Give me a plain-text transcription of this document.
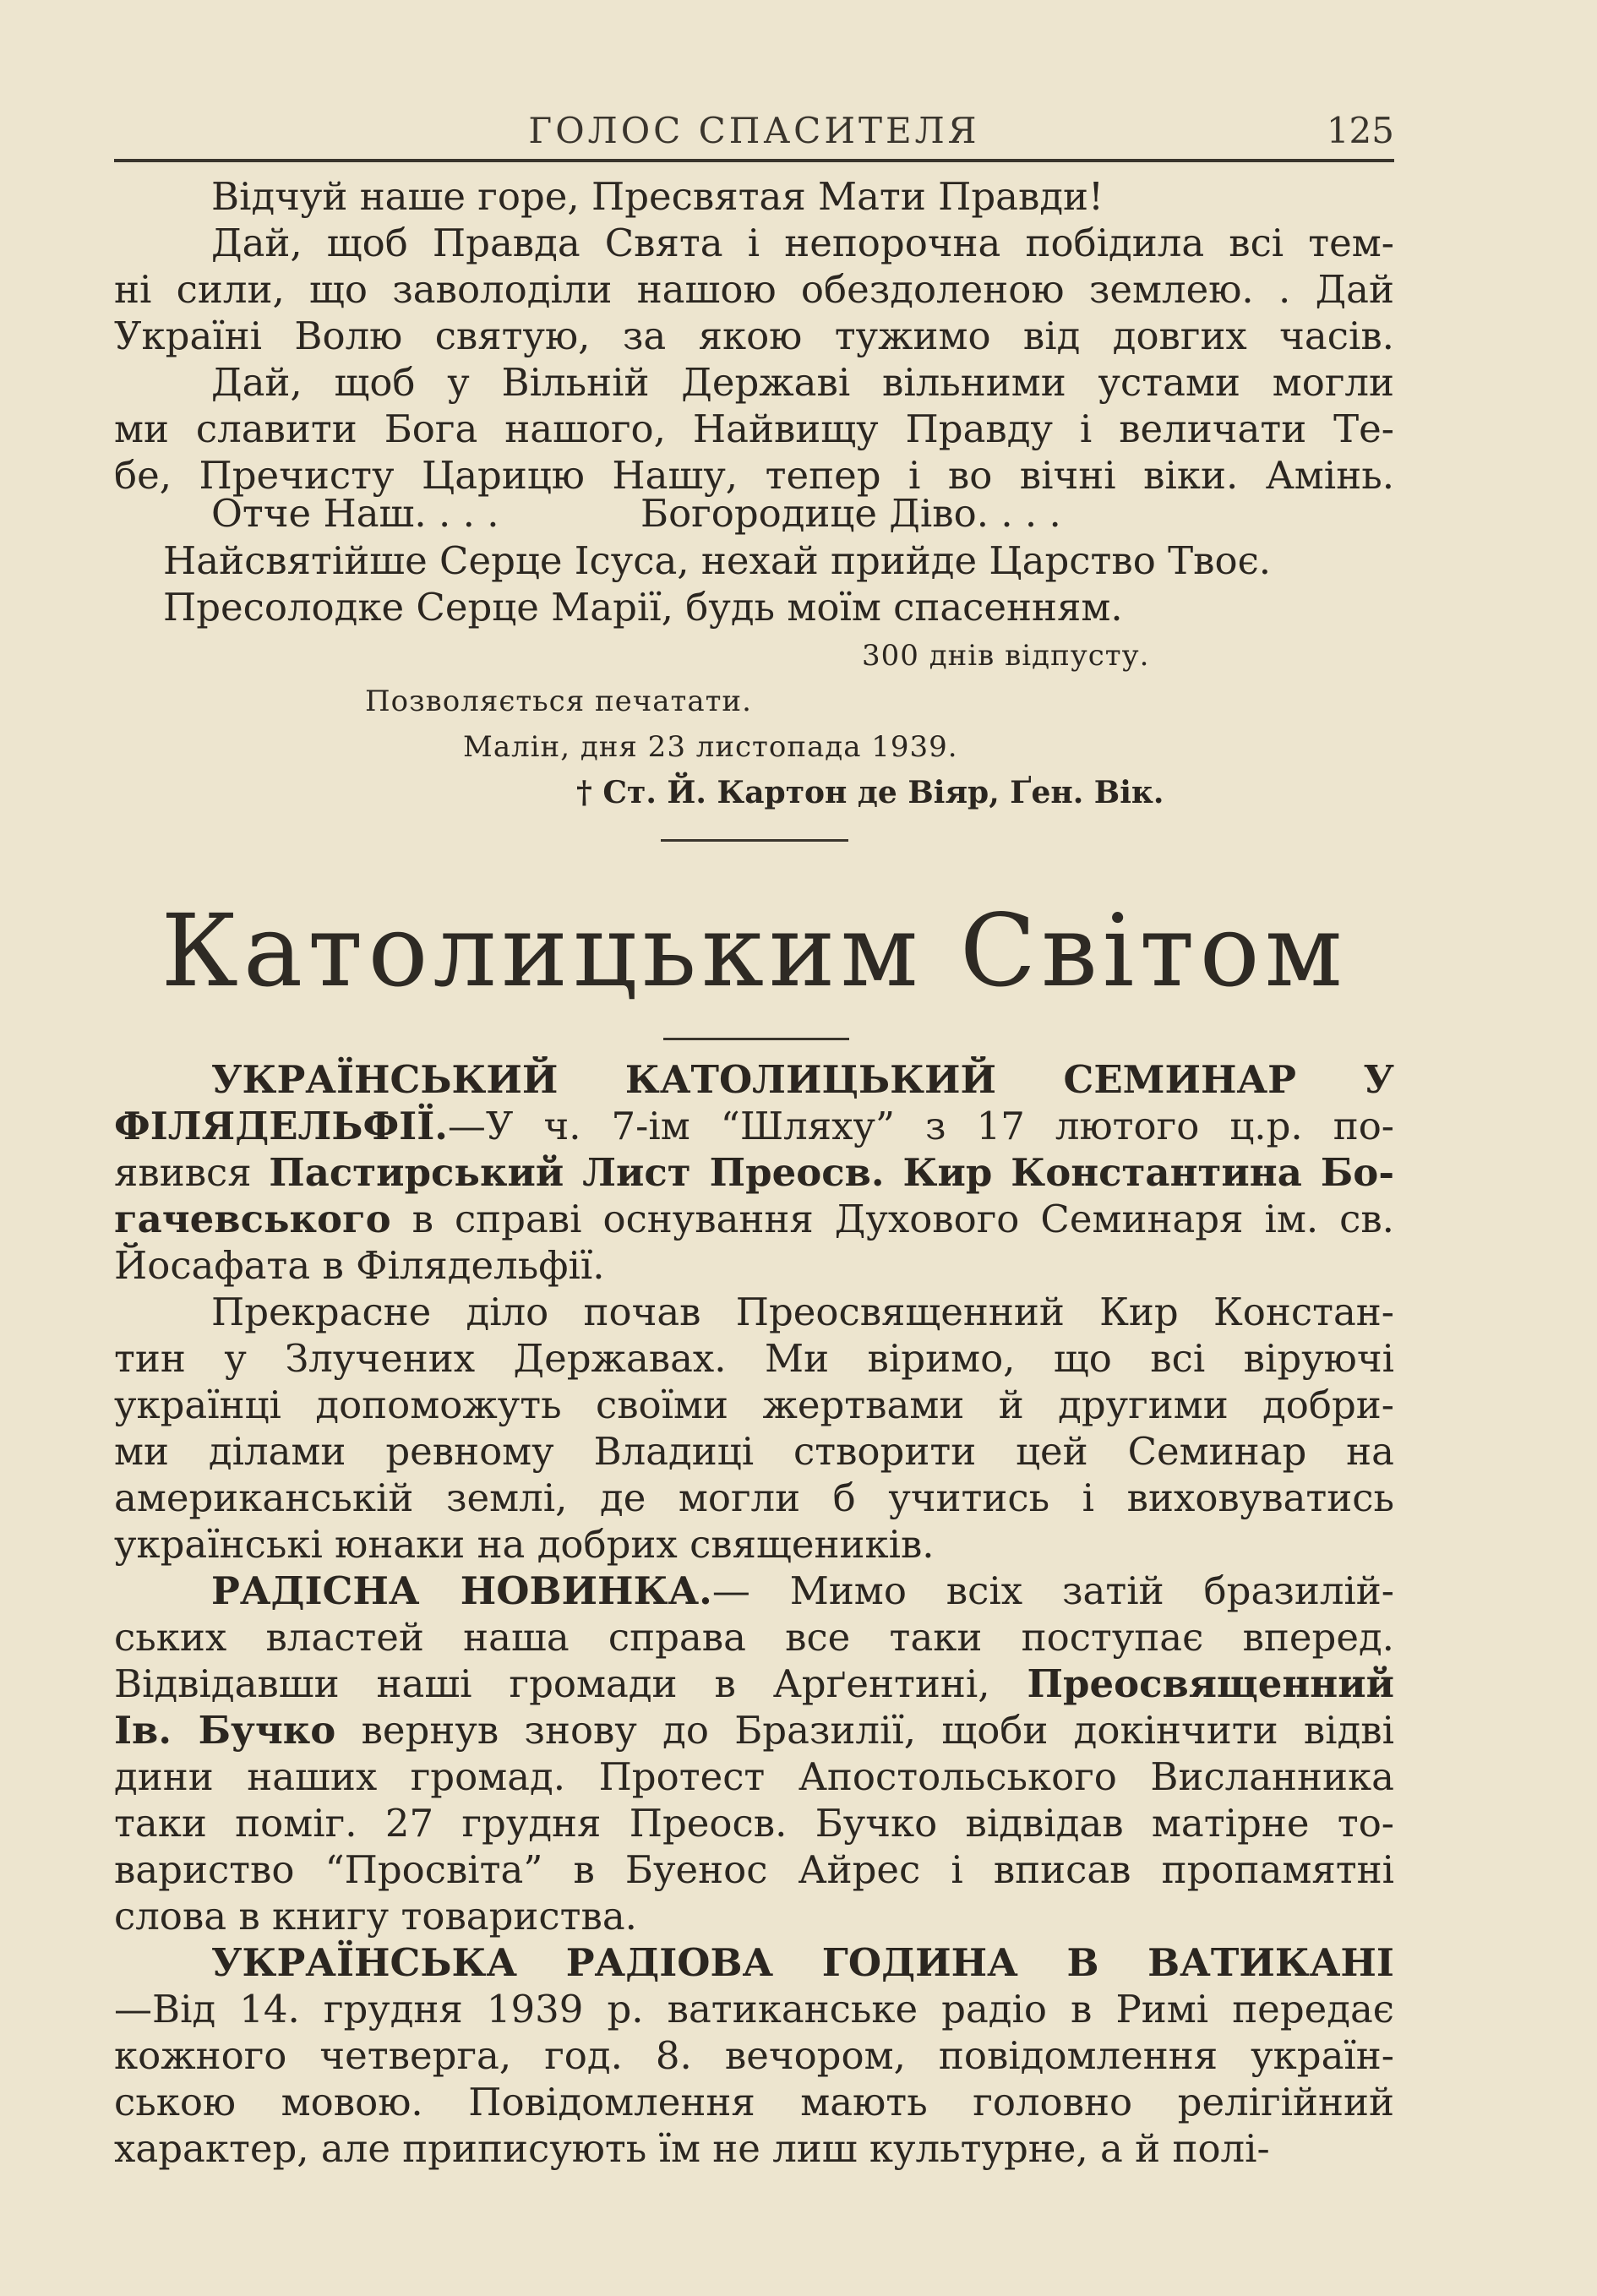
ГОЛОС СПАСИТЕЛЯ	125
Відчуй наше горе, Пресвятая Мати Правди!
Дай, щоб Правда Свята і непорочна побідила всі тем-
ні сили, що заволоділи нашою обездоленою землею. . Дай
Україні Волю святую, за якою тужимо від довгих часів.
Дай, щоб у Вільній Державі вільними устами могли
ми славити Бога нашого, Найвищу Правду і величати Те-
бе, Пречисту Царицю Нашу, тепер і во вічні віки. Амінь.
Отче Наш. . . .	Богородице Діво. . . .
Найсвятійше Серце Ісуса, нехай прийде Царство Твоє.
Пресолодке Серце Марії, будь моїм спасенням.
300 днів відпусту.
Позволяється печатати.
Малін, дня 23 листопада 1939.
† Ст. Й. Картон де Віяр, Ґен. Вік.
Католицьким Світом
УКРАЇНСЬКИЙ КАТОЛИЦЬКИЙ СЕМИНАР У
ФІЛЯДЕЛЬФІЇ.—У ч. 7-ім “Шляху” з 17 лютого ц.р. по-
явився Пастирський Лист Преосв. Кир Константина Бо-
гачевського в справі оснування Духового Семинаря ім. св.
Йосафата в Філядельфії.
Прекрасне діло почав Преосвященний Кир Констан-
тин у Злучених Державах. Ми віримо, що всі віруючі
українці допоможуть своїми жертвами й другими добри-
ми ділами ревному Владиці створити цей Семинар на
американській землі, де могли б учитись і виховуватись
українські юнаки на добрих священиків.
РАДІСНА НОВИНКА.— Мимо всіх затій бразилій-
ських властей наша справа все таки поступає вперед.
Відвідавши наші громади в Арґентині, Преосвященний
Ів. Бучко вернув знову до Бразилії, щоби докінчити відві
дини наших громад. Протест Апостольського Висланника
таки поміг. 27 грудня Преосв. Бучко відвідав матірне то-
вариство “Просвіта” в Буенос Айрес і вписав пропамятні
слова в книгу товариства.
УКРАЇНСЬКА РАДІОВА ГОДИНА В ВАТИКАНІ
—Від 14. грудня 1939 р. ватиканське радіо в Римі передає
кожного четверга, год. 8. вечором, повідомлення україн-
ською мовою. Повідомлення мають головно релігійний
характер, але приписують їм не лиш культурне, а й полі-
